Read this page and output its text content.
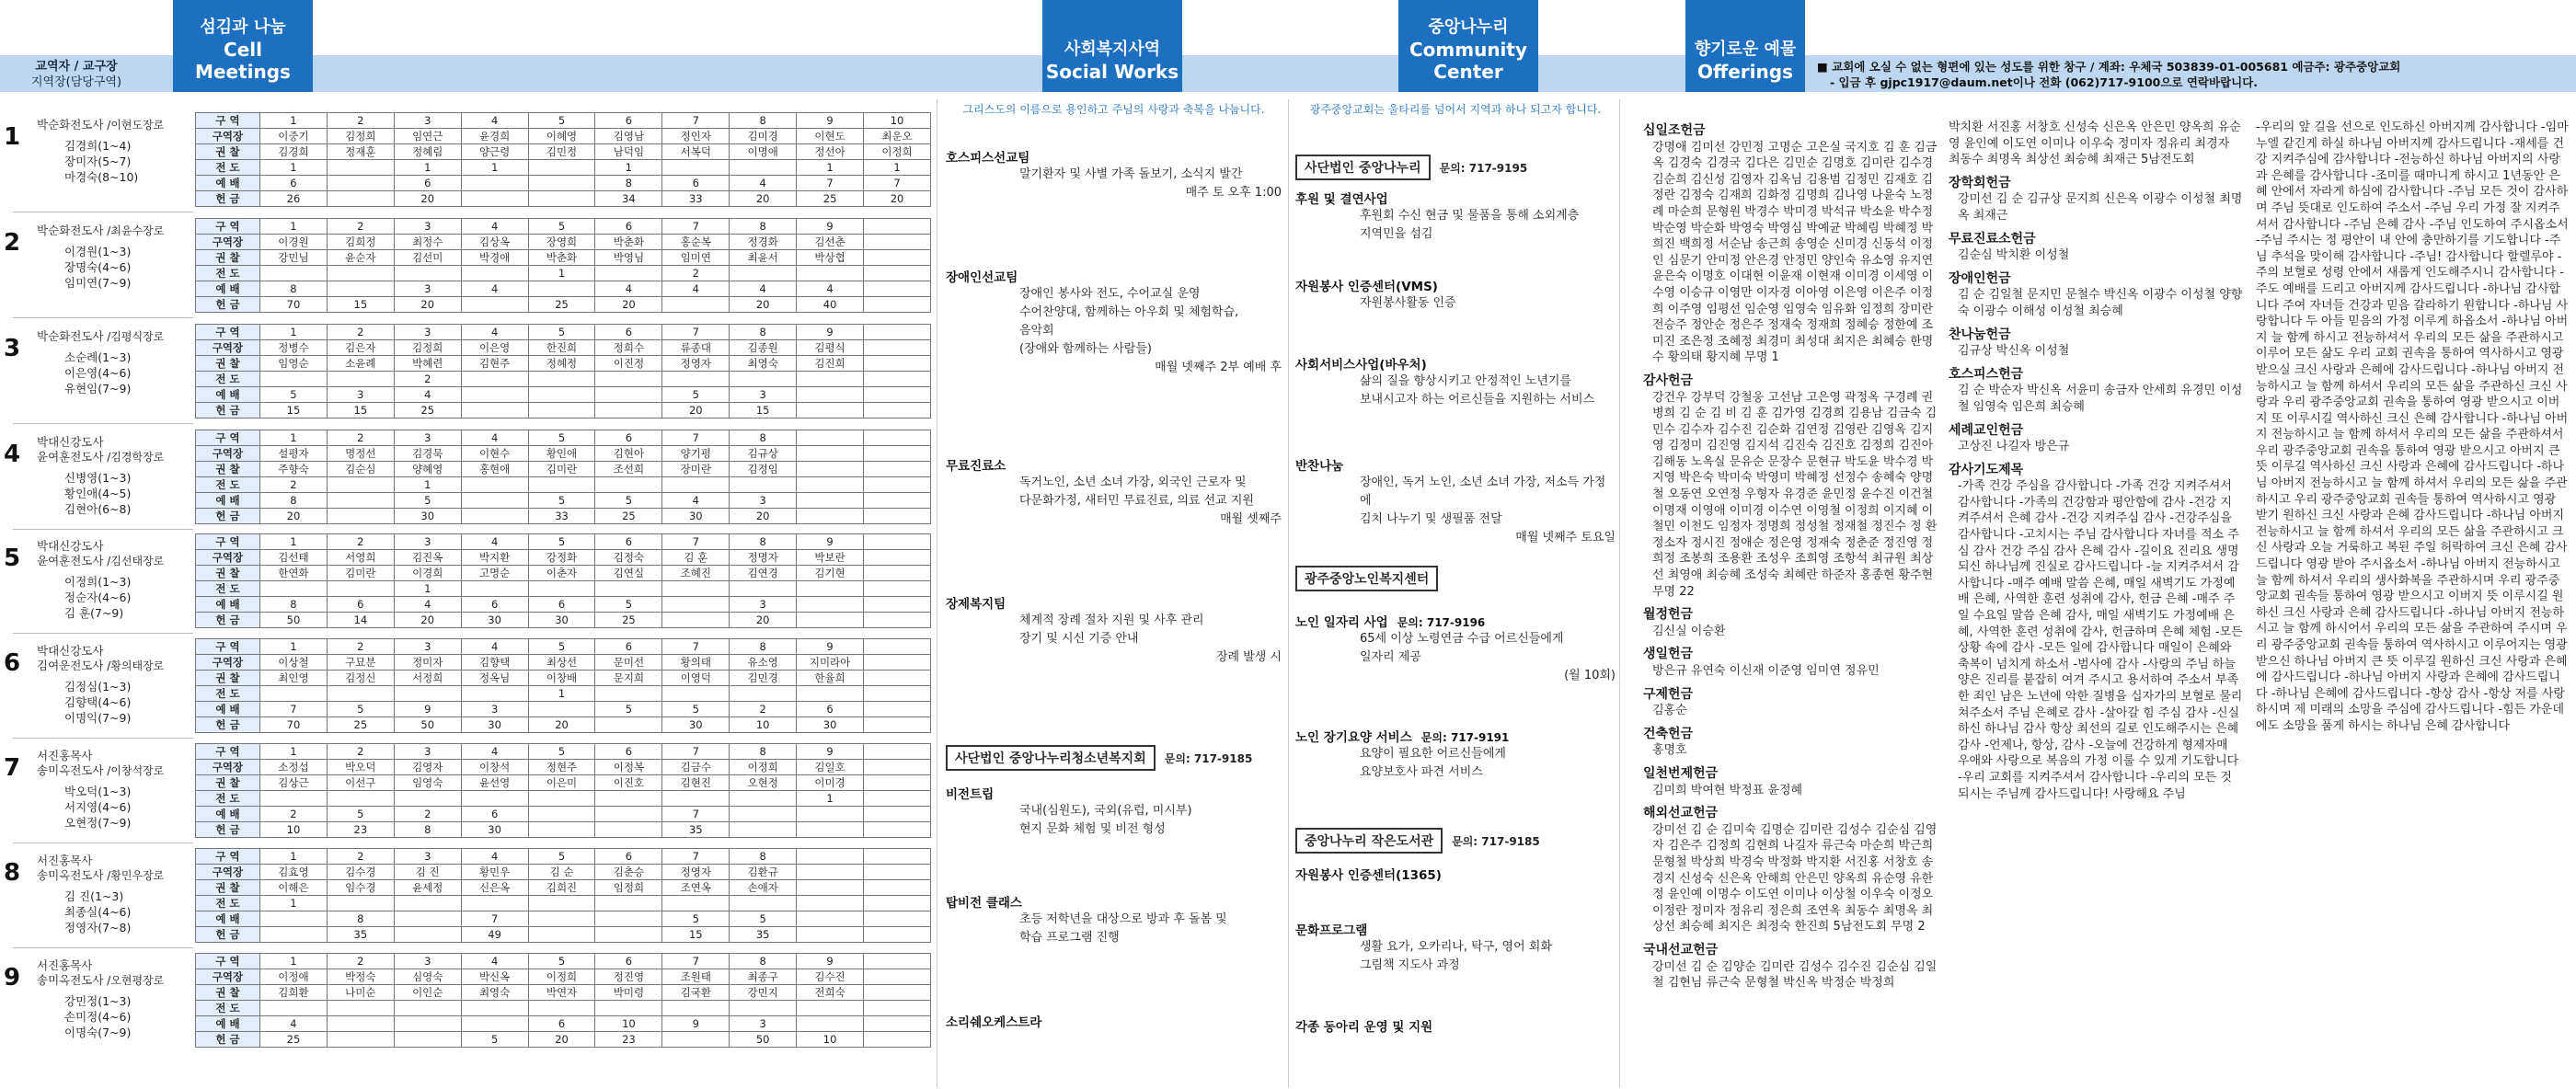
교역자 / 교구장
지역장(담당구역)
섬김과 나눔
Cell Meetings
사회복지사역
Social Works
중앙나누리
Community Center
향기로운 예물
Offerings	■ 교회에 오실 수 없는 형편에 있는 성도를 위한 창구 / 계좌: 우체국 503839-01-005681 예금주: 광주중앙교회
- 입금 후 gjpc1917@daum.net이나 전화 (062)717-9100으로 연락바랍니다.
1 박순화전도사 /이현도장로
김경희(1~4)
장미자(5~7)
마경숙(8~10)
구 역	1	2	3	4	5	6	7	8	9	10
구역장	이중기	김정희	임연근	윤경희	이혜영	김영남	정인자	김미경	이현도	최운오
권 찰	김경희	정재훈	정혜림	양근령	김민정	남덕임	서복덕	이명애	정선아	이정희
전 도	1		1	1		1			1	1
예 배	6		6			8	6	4	7	7
헌 금	26		20			34	33	20	25	20
2 박순화전도사 /최윤수장로
이경원(1~3)
장명숙(4~6)
임미연(7~9)
구 역	1	2	3	4	5	6	7	8	9	
구역장	이경원	김희정	최정수	김상옥	장영희	박춘화	홍순복	정경화	김선춘	
권 찰	강민님	윤순자	김선미	박경애	박춘화	박영님	임미연	최윤서	박상협	
전 도					1		2			
예 배	8		3	4		4	4	4	4	
헌 금	70	15	20		25	20		20	40	
3 박순화전도사 /김평식장로
소순례(1~3)
이은영(4~6)
유현임(7~9)
구 역	1	2	3	4	5	6	7	8	9	
구역장	정병수	김은자	김정희	이은영	한진희	정희수	류종대	김종원	김평식	
권 찰	임영순	소윤례	박혜련	김현주	정혜정	이진정	정영자	최영숙	김진희	
전 도			2							
예 배	5	3	4				5	3		
헌 금	15	15	25				20	15		
4 박대신강도사
윤여훈전도사 /김경학장로
신병영(1~3)
황인애(4~5)
김현아(6~8)
구 역	1	2	3	4	5	6	7	8		
구역장	설평자	명정선	김경묵	이현수	황인애	김현아	양기평	김규상		
권 찰	주향숙	김순심	양혜영	홍현애	김미란	조선희	장미란	김정임		
전 도	2		1							
예 배	8		5		5	5	4	3		
헌 금	20		30		33	25	30	20		
5 박대신강도사
윤여훈전도사 /김선태장로
이정희(1~3)
정순자(4~6)
김 훈(7~9)
구 역	1	2	3	4	5	6	7	8	9	
구역장	김선태	서영희	김진옥	박지환	강정화	김정숙	김 훈	정명자	박보란	
권 찰	한연화	김미란	이경희	고명순	이춘자	김연실	조혜진	김연경	김기현	
전 도			1							
예 배	8	6	4	6	6	5		3		
헌 금	50	14	20	30	30	25		20		
6 박대신강도사
김여운전도사 /황의태장로
김정심(1~3)
김향택(4~6)
이명익(7~9)
구 역	1	2	3	4	5	6	7	8	9	
구역장	이상철	구묘분	정미자	김향택	최상선	문미선	황의태	유소영	지미라아	
권 찰	최인영	김정신	서정희	정옥님	이창배	문지희	이영덕	김민경	한율희	
전 도					1					
예 배	7	5	9	3		5	5	2	6	
헌 금	70	25	50	30	20		30	10	30	
7 서진홍목사
송미옥전도사 /이창석장로
박오덕(1~3)
서지영(4~6)
오현정(7~9)
구 역	1	2	3	4	5	6	7	8	9	
구역장	소정섭	박오덕	김영자	이창석	정현주	이정복	김금수	이정희	김일호	
권 찰	김상근	이선구	임영숙	윤선영	이은미	이진호	김현진	오현정	이미경	
전 도									1	
예 배	2	5	2	6			7			
헌 금	10	23	8	30			35			
8 서진홍목사
송미옥전도사 /황민우장로
김 진(1~3)
최종실(4~6)
정영자(7~8)
구 역	1	2	3	4	5	6	7	8		
구역장	김효영	김수경	김 진	황민우	김 순	김춘승	정영자	김환규		
권 찰	이해은	임수경	윤세정	신은옥	김희진	임정희	조연옥	손애자		
전 도	1									
예 배		8		7			5	5		
헌 금		35		49			15	35		
9 서진홍목사
송미옥전도사 /오현평장로
강민정(1~3)
손미정(4~6)
이명숙(7~9)
구 역	1	2	3	4	5	6	7	8	9	
구역장	이정애	박정숙	심영숙	박신옥	이정희	정진영	조원태	최종구	김수진	
권 찰	김희환	나미순	이인순	최영숙	박연자	박미령	김국환	강민지	전희숙	
전 도										
예 배	4				6	10	9	3		
헌 금	25			5	20	23		50	10	
그리스도의 이름으로 용인하고 주님의 사랑과 축복을 나눕니다.
호스피스선교팀
말기환자 및 사별 가족 돌보기, 소식지 발간
매주 토 오후 1:00
장애인선교팀
장애인 봉사와 전도, 수어교실 운영
수어찬양대, 함께하는 아우회 및 체험학습,
음악회
(장애와 함께하는 사람들)
매월 넷째주 2부 예배 후
무료진료소
독거노인, 소년 소녀 가장, 외국인 근로자 및
다문화가정, 새터민 무료진료, 의료 선교 지원
매월 셋째주
장제복지팀
체계적 장례 절차 지원 및 사후 관리
장기 및 시신 기증 안내
장례 발생 시
사단법인 중앙나누리청소년복지회 문의: 717-9185
비전트립
국내(심원도), 국외(유럽, 미시부)
현지 문화 체험 및 비전 형성
탑비전 클래스
초등 저학년을 대상으로 방과 후 돌봄 및
학습 프로그램 진행
소리쉐오케스트라
광주중앙교회는 울타리를 넘어서 지역과 하나 되고자 합니다.
사단법인 중앙나누리 문의: 717-9195
후원 및 결연사업
후원회 수신 현금 및 물품을 통해 소외계층
지역민을 섬김
자원봉사 인증센터(VMS)
자원봉사활동 인증
사회서비스사업(바우처)
삶의 질을 향상시키고 안정적인 노년기를
보내시고자 하는 어르신들을 지원하는 서비스
반찬나눔
장애인, 독거 노인, 소년 소녀 가장, 저소득 가정에
김치 나누기 및 생필품 전달
매월 넷째주 토요일
광주중앙노인복지센터
노인 일자리 사업 문의: 717-9196
65세 이상 노령연금 수급 어르신들에게
일자리 제공
(월 10회)
노인 장기요양 서비스 문의: 717-9191
요양이 필요한 어르신들에게
요양보호사 파견 서비스
중앙나누리 작은도서관 문의: 717-9185
자원봉사 인증센터(1365)
문화프로그램
생활 요가, 오카리나, 탁구, 영어 회화
그림책 지도사 과정
각종 동아리 운영 및 지원
십일조헌금

강명애 김미선 강민정 고명순 고은실 국지호 김 훈 김금옥 김경숙 김경국 김다은 김민순 김명호 김미란 김수경 김순희 김신성 김영자 김옥님 김용범 김정민 김재호 김정란 김정숙 김재희 김화정 김명희 김나영 나윤숙 노정례 마순희 문형원 박경수 박미경 박석규 박소윤 박수정 박순영 박순화 박영숙 박영심 박예균 박혜림 박혜정 박희진 백희정 서순남 송근희 송영순 신미경 신동석 이정인 심문기 안미정 안은경 안정민 양인숙 유소영 유지연 윤은숙 이명호 이대현 이윤재 이현재 이미경 이세영 이수영 이승규 이영만 이자경 이아영 이은영 이은주 이정희 이주영 임평선 임순영 임영숙 임유화 임정희 장미란 전승주 정안순 정은주 정재숙 정재희 정혜승 정한예 조미진 조은정 조혜정 최경미 최성대 최지은 최혜승 한명수 황의태 황지혜 무명 1

감사헌금

강건우 강부덕 강철웅 고선남 고은영 곽정옥 구경례 권병희 김 순 김 비 김 훈 김가영 김경희 김용남 김금숙 김민수 김수자 김수진 김순화 김연정 김영란 김영옥 김지영 김정미 김진영 김지석 김진숙 김진호 김정희 김진아 김해동 노옥실 문유순 문장수 문현규 박도윤 박수경 박지영 박은숙 박미숙 박영미 박혜정 선정수 송혜숙 양명철 오동연 오연정 우형자 유경준 윤민정 윤수진 이건철 이명재 이영애 이미경 이수연 이영철 이정희 이지혜 이철민 이천도 임정자 정명희 정성철 정재철 정진수 정 환 정소자 정시진 정애순 정은영 정재숙 정춘준 정진영 정희정 조봉희 조용환 조성우 조희영 조항석 최규원 최상선 최영애 최승혜 조성숙 최혜란 하준자 홍종현 황주현 무명 22

월정헌금

김신실 이승환

생일헌금

방은규 유연숙 이신재 이준영 임미연 정유민

구제헌금

김홍순

건축헌금

홍명호

일천번제헌금

김미희 박여현 박정표 윤정혜

해외선교헌금

강미선 김 순 김미숙 김명순 김미란 김성수 김순심 김영자 김은주 김정희 김현희 나길자 류근숙 마순희 박근희 문형철 박상희 박경숙 박정화 박지환 서진홍 서창호 송경지 신성숙 신은옥 안해희 안은민 양옥희 유순영 유한정 윤인예 이명수 이도연 이미나 이상철 이우숙 이정오 이정란 정미자 정유리 정은희 조연옥 최동수 최명옥 최상선 최승혜 최지은 최정숙 한진희 5남전도회 무명 2

국내선교헌금

강미선 김 순 김양순 김미란 김성수 김수진 김순심 김일철 김현님 류근숙 문형철 박신옥 박정순 박정희

박치환 서진홍 서창호 신성숙 신은옥 안은민 양옥희 유순영 윤인예 이도연 이미나 이우숙 정미자 정유리 최경자 최동수 최명옥 최상선 최승혜 최재근 5남전도회

장학회헌금

강미선 김 순 김규상 문지희 신은옥 이광수 이성철 최명옥 최재근

무료진료소헌금

김순심 박치환 이성철

장애인헌금

김 순 김일철 문지민 문철수 박신옥 이광수 이성철 양향숙 이광수 이해성 이성철 최승혜

찬나눔헌금

김규상 박신옥 이성철

호스피스헌금

김 순 박순자 박신옥 서윤미 송금자 안세희 유경민 이성철 임영숙 임은희 최승혜

세례교인헌금

고상진 나길자 방은규

감사기도제목

-가족 건강 주심을 감사합니다 -가족 건강 지켜주셔서 감사합니다 -가족의 건강함과 평안함에 감사 -건강 지켜주셔서 은혜 감사 -건강 지켜주심 감사 -건강주심을 감사합니다 -고치시는 주님 감사합니다 자녀를 적소 주심 감사 건강 주심 감사 은혜 감사 -길이요 진리요 생명되신 하나님께 진실로 감사드립니다 -늘 지켜주셔서 감사합니다 -매주 예배 말씀 은혜, 매일 새벽기도 가정예배 은혜, 사역한 훈련 성취에 감사, 헌금 은혜 -매주 주일 수요일 말씀 은혜 감사, 매일 새벽기도 가정예배 은혜, 사역한 훈련 성취에 감사, 헌금하며 은혜 체험 -모든 상황 속에 감사 -모든 일에 감사합니다 매일이 은혜와 축복이 넘치게 하소서 -범사에 감사 -사랑의 주님 하늘양은 진리를 붙잡히 여겨 주시고 용서하여 주소서 부족한 죄인 남은 노년에 악한 질병을 십자가의 보혈로 물리쳐주소서 주님 은혜로 감사 -살아갈 힘 주심 감사 -신실하신 하나님 감사 항상 최선의 길로 인도해주시는 은혜 감사 -언제나, 항상, 감사 -오늘에 건강하게 형제자매 우애와 사랑으로 복음의 가정 이룰 수 있게 기도합니다 -우리 교회를 지켜주셔서 감사합니다 -우리의 모든 것 되시는 주님께 감사드립니다! 사랑해요 주님

-우리의 앞 길을 선으로 인도하신 아버지께 감사합니다 -임마누엘 같긴게 하실 하나님 아버지께 감사드립니다 -재세를 건강 지켜주심에 감사합니다 -전능하신 하나님 아버지의 사랑과 은혜를 감사합니다 -조미를 때마니게 하시고 1년동안 은혜 안에서 자라게 하심에 감사합니다 -주님 모든 것이 감사하며 주님 뜻대로 인도하여 주소서 -주님 우리 가정 잘 지켜주셔서 감사합니다 -주님 은혜 감사 -주님 인도하여 주시옵소서 -주님 주시는 정 평안이 내 안에 충만하기를 기도합니다 -주님 추석을 맞이해 감사합니다 -주님! 감사합니다 할렐루야 -주의 보혈로 성령 안에서 새롭게 인도해주시니 감사합니다 -주도 예배를 드리고 아버지께 감사드립니다 -하나님 감사합니다 주여 자녀들 건강과 믿음 갈라하기 원합니다 -하나님 사랑합니다 두 아들 믿음의 가정 이루게 하옵소서 -하나님 아버지 늘 함께 하시고 전능하셔서 우리의 모든 삶을 주관하시고 이루어 모든 삶도 우리 교회 권속을 통하여 역사하시고 영광 받으실 크신 사랑과 은혜에 감사드립니다 -하나님 아버지 전능하시고 늘 함께 하셔서 우리의 모든 삶을 주관하신 크신 사랑과 우리 광주중앙교회 권속을 통하여 영광 받으시고 이버지 또 이루시길 역사하신 크신 은혜 감사합니다 -하나님 아버지 전능하시고 늘 함께 하셔서 우리의 모든 삶을 주관하셔서 우리 광주중앙교회 권속을 통하여 영광 받으시고 아버지 큰 뜻 이루길 역사하신 크신 사랑과 은혜에 감사드립니다 -하나님 아버지 전능하시고 늘 함께 하셔서 우리의 모든 삶을 주관하시고 우리 광주중앙교회 권속들 통하여 역사하시고 영광 받기 원하신 크신 사랑과 은혜 감사드립니다 -하나님 아버지 전능하시고 늘 함께 하셔서 우리의 모든 삶을 주관하시고 크신 사랑과 오늘 거룩하고 복된 주일 허락하여 크신 은혜 감사드립니다 영광 받아 주시옵소서 -하나님 아버지 전능하시고 늘 함께 하셔서 우리의 생사화복을 주관하시며 우리 광주중앙교회 권속들 통하여 영광 받으시고 이버지 뜻 이루시길 원하신 크신 사랑과 은혜 감사드립니다 -하나님 아버지 전능하시고 늘 함께 하시어서 우리의 모든 삶을 주관하여 주시며 우리 광주중앙교회 권속들 통하여 역사하시고 이루어지는 영광 받으신 하나님 아버지 큰 뜻 이루길 원하신 크신 사랑과 은혜에 감사드립니다 -하나님 아버지 사랑과 은혜에 감사드립니다 -하나님 은혜에 감사드립니다 -항상 감사 -항상 저를 사랑하시며 제 미래의 소망을 주심에 감사드립니다 -힘든 가운데에도 소망을 품게 하시는 하나님 은혜 감사합니다
